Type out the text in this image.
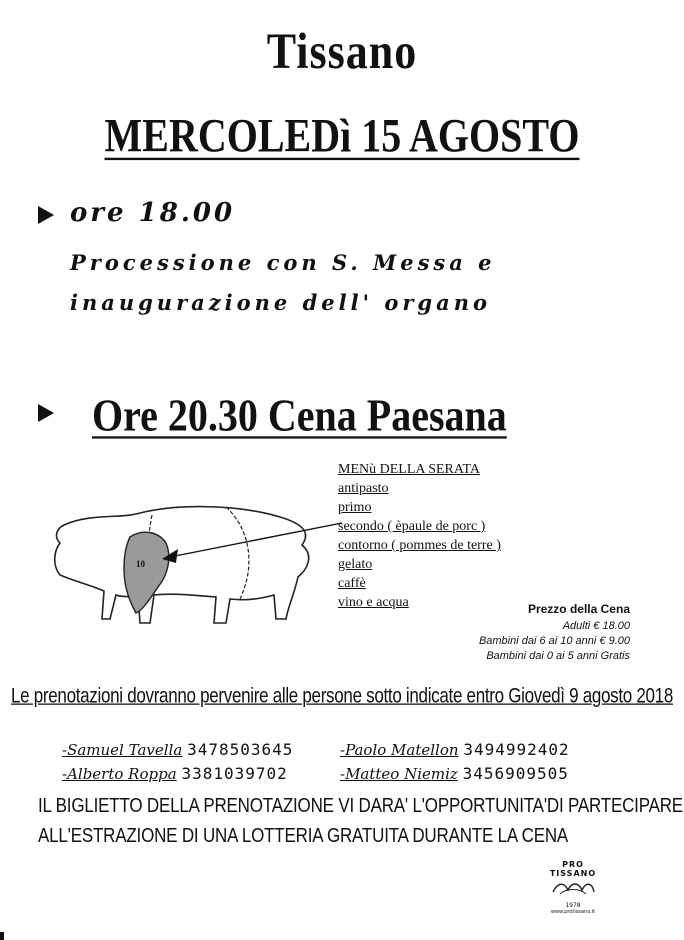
Tissano
MERCOLEDì 15 AGOSTO
ore 18.00
Processione con S. Messa e
inaugurazione dell' organo
Ore 20.30 Cena Paesana
10
MENù DELLA SERATA
antipasto
primo
secondo ( èpaule de porc )
contorno ( pommes de terre )
gelato
caffè
vino e acqua	Prezzo della Cena
Adulti € 18.00
Bambini dai 6 ai 10 anni € 9.00
Bambini dai 0 ai 5 anni Gratis
Le prenotazioni dovranno pervenire alle persone sotto indicate entro Giovedì 9 agosto 2018
-Samuel Tavella 3478503645	-Paolo Matellon 3494992402
-Alberto Roppa 3381039702	-Matteo Niemiz 3456909505
IL BIGLIETTO DELLA PRENOTAZIONE VI DARA' L'OPPORTUNITA'DI PARTECIPARE
ALL'ESTRAZIONE DI UNA LOTTERIA GRATUITA DURANTE LA CENA
PRO TISSANO
1978
www.protissano.it
